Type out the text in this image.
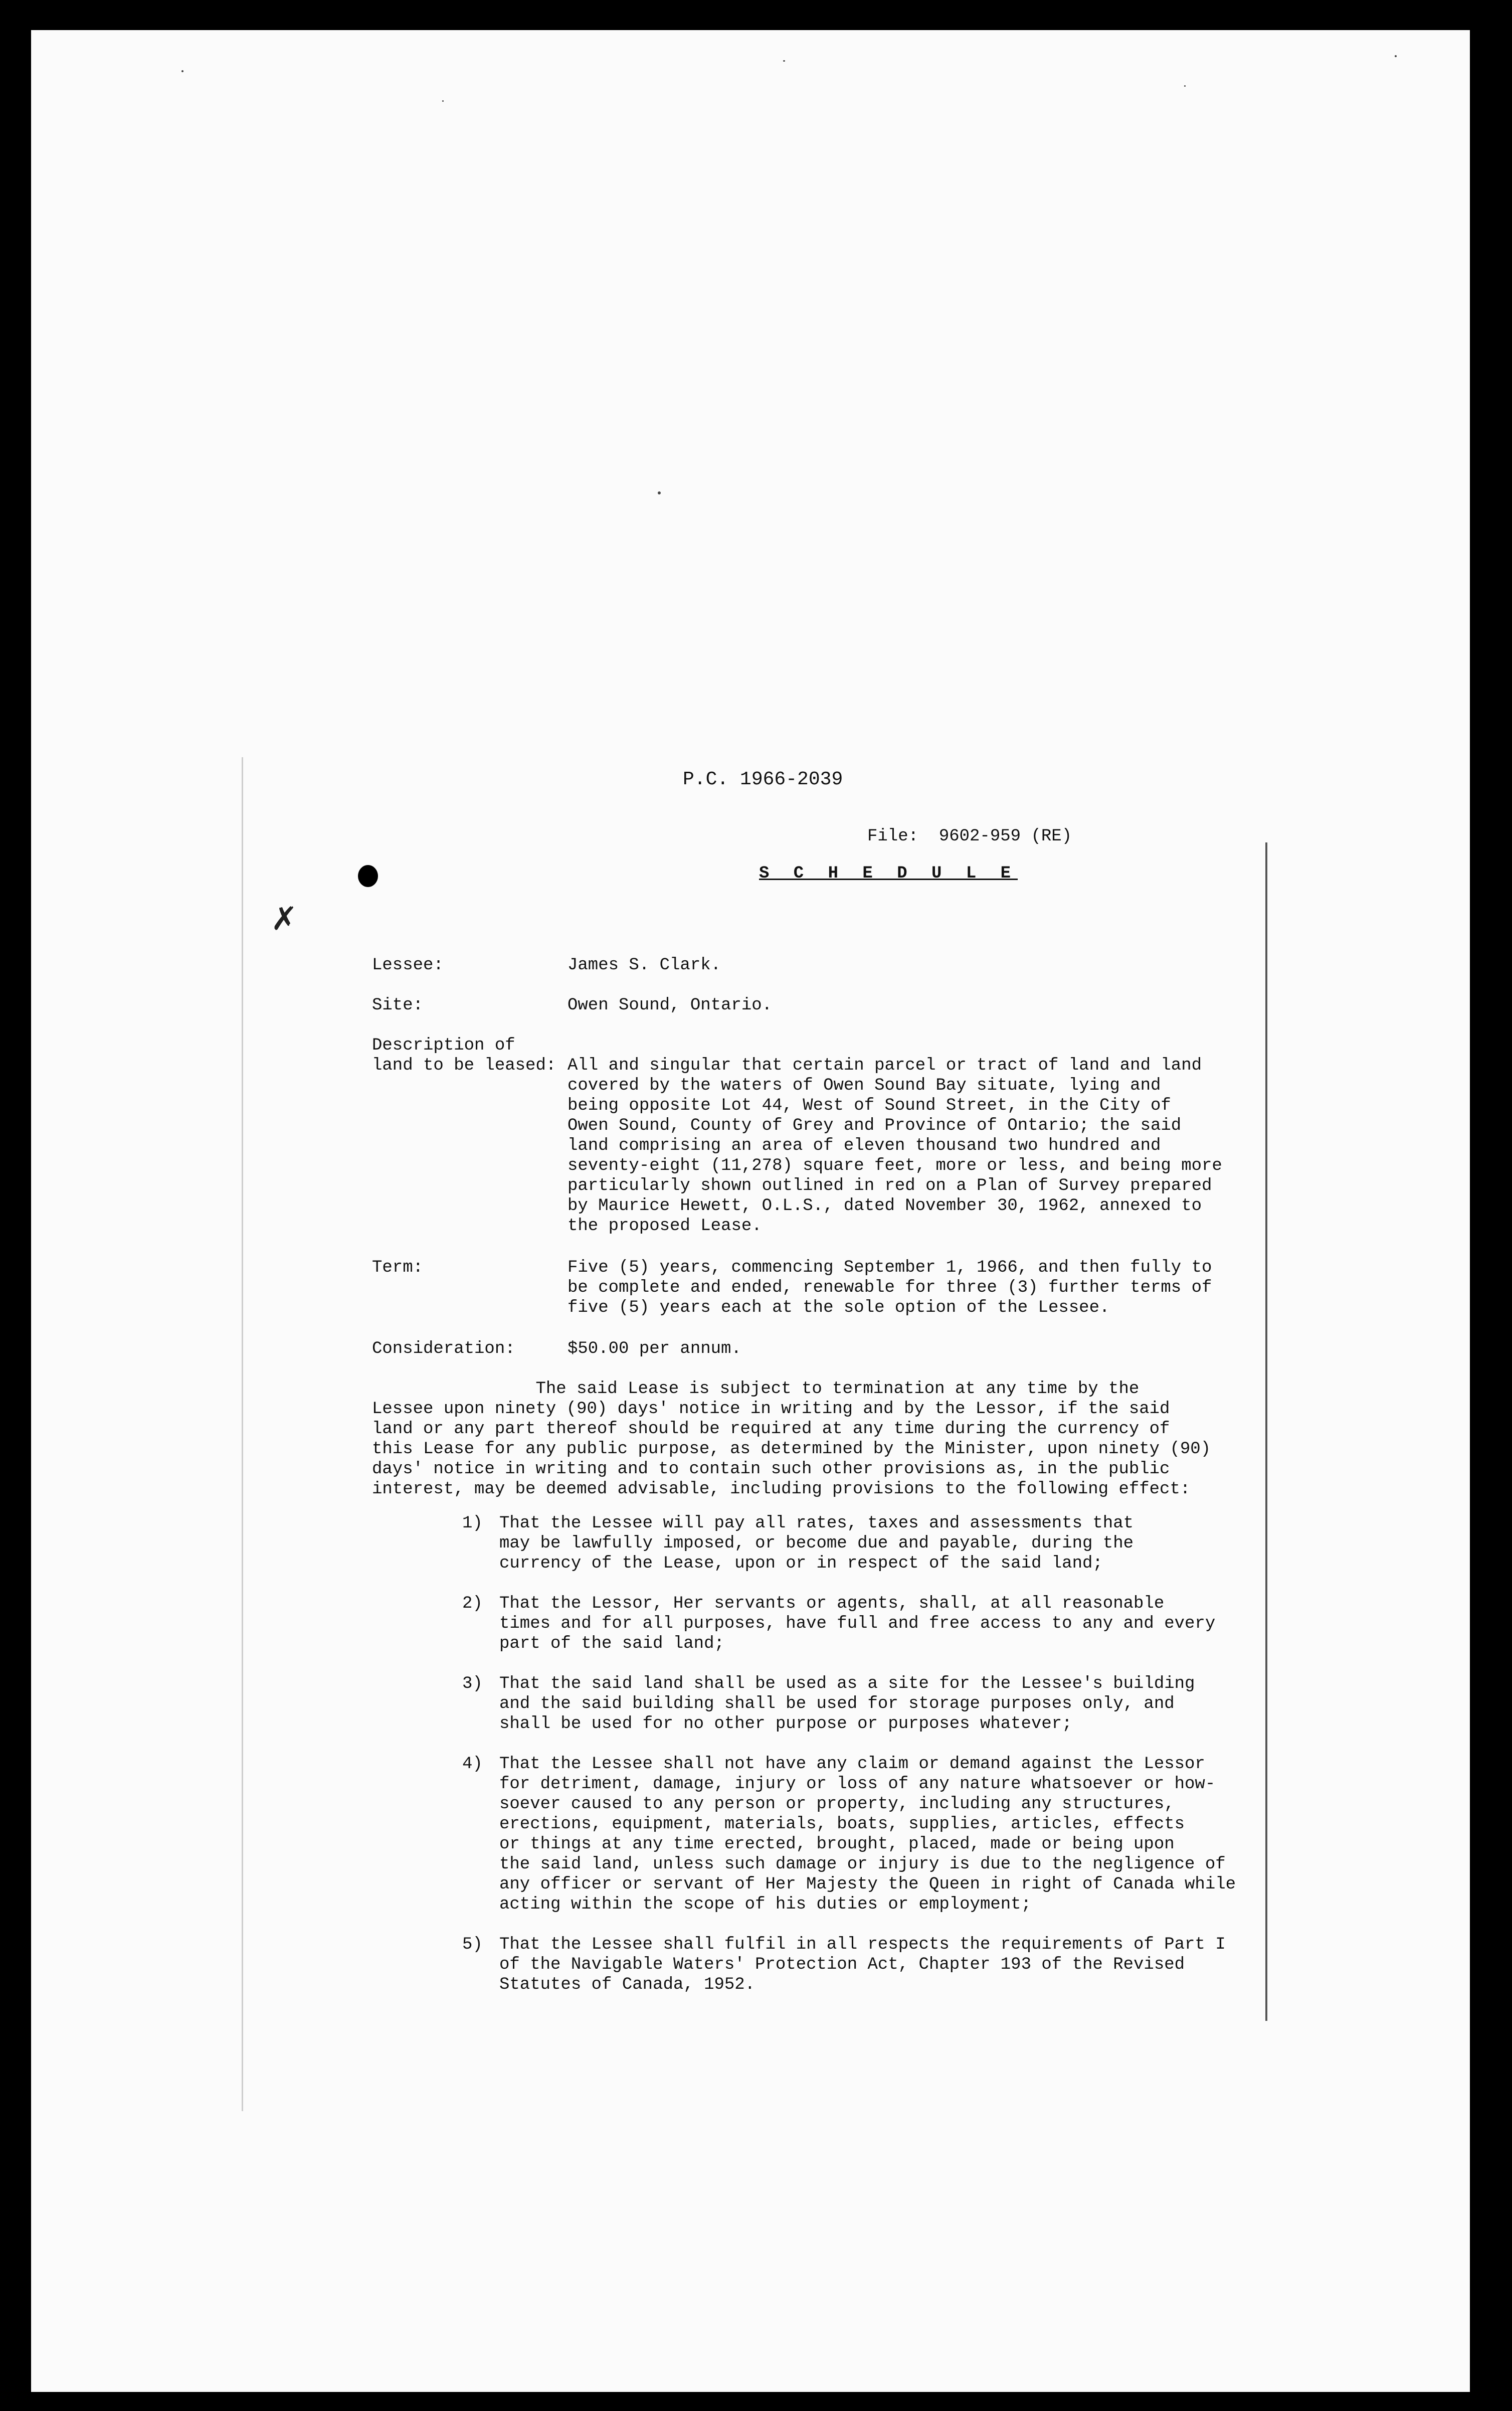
✗
P.C. 1966-2039
File:  9602-959 (RE)
S C H E D U L E
Lessee:	James S. Clark.
Site:	Owen Sound, Ontario.
Description of
land to be leased: All and singular that certain parcel or tract of land and land
covered by the waters of Owen Sound Bay situate, lying and
being opposite Lot 44, West of Sound Street, in the City of
Owen Sound, County of Grey and Province of Ontario; the said
land comprising an area of eleven thousand two hundred and
seventy-eight (11,278) square feet, more or less, and being more
particularly shown outlined in red on a Plan of Survey prepared
by Maurice Hewett, O.L.S., dated November 30, 1962, annexed to
the proposed Lease.
Term:	Five (5) years, commencing September 1, 1966, and then fully to
be complete and ended, renewable for three (3) further terms of
five (5) years each at the sole option of the Lessee.
Consideration:	$50.00 per annum.
The said Lease is subject to termination at any time by the
Lessee upon ninety (90) days' notice in writing and by the Lessor, if the said
land or any part thereof should be required at any time during the currency of
this Lease for any public purpose, as determined by the Minister, upon ninety (90)
days' notice in writing and to contain such other provisions as, in the public
interest, may be deemed advisable, including provisions to the following effect:
1) That the Lessee will pay all rates, taxes and assessments that
may be lawfully imposed, or become due and payable, during the
currency of the Lease, upon or in respect of the said land;
2) That the Lessor, Her servants or agents, shall, at all reasonable
times and for all purposes, have full and free access to any and every
part of the said land;
3) That the said land shall be used as a site for the Lessee's building
and the said building shall be used for storage purposes only, and
shall be used for no other purpose or purposes whatever;
4) That the Lessee shall not have any claim or demand against the Lessor
for detriment, damage, injury or loss of any nature whatsoever or how-
soever caused to any person or property, including any structures,
erections, equipment, materials, boats, supplies, articles, effects
or things at any time erected, brought, placed, made or being upon
the said land, unless such damage or injury is due to the negligence of
any officer or servant of Her Majesty the Queen in right of Canada while
acting within the scope of his duties or employment;
5) That the Lessee shall fulfil in all respects the requirements of Part I
of the Navigable Waters' Protection Act, Chapter 193 of the Revised
Statutes of Canada, 1952.
